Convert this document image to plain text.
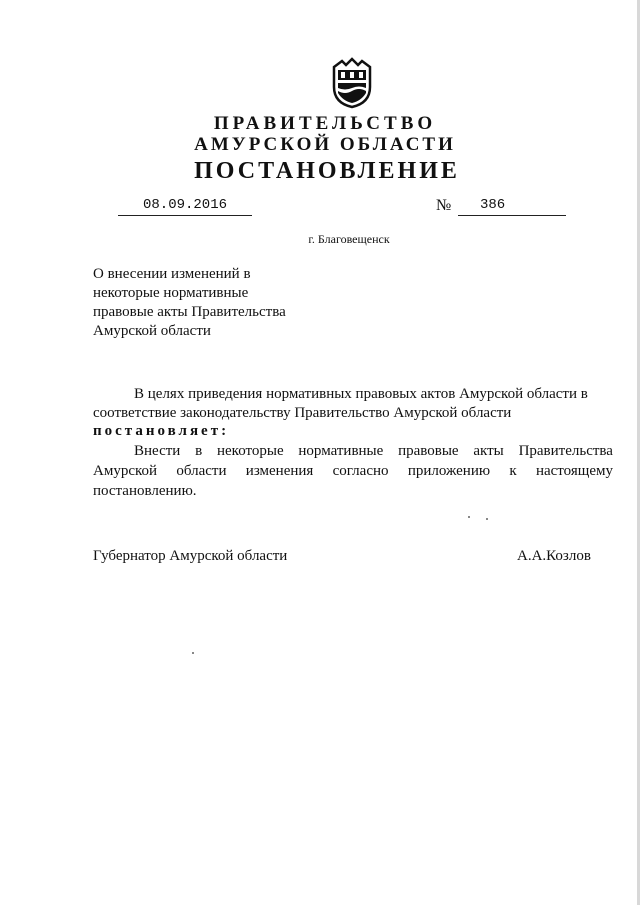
ПРАВИТЕЛЬСТВО
АМУРСКОЙ ОБЛАСТИ
ПОСТАНОВЛЕНИЕ
08.09.2016	№	386
г. Благовещенск
О внесении изменений в
некоторые нормативные
правовые акты Правительства
Амурской области
В целях приведения нормативных правовых актов Амурской области в
соответствие законодательству Правительство Амурской области
постановляет:
Внести в некоторые нормативные правовые акты Правительства
Амурской области изменения согласно приложению к настоящему
постановлению.
Губернатор Амурской области	А.А.Козлов
